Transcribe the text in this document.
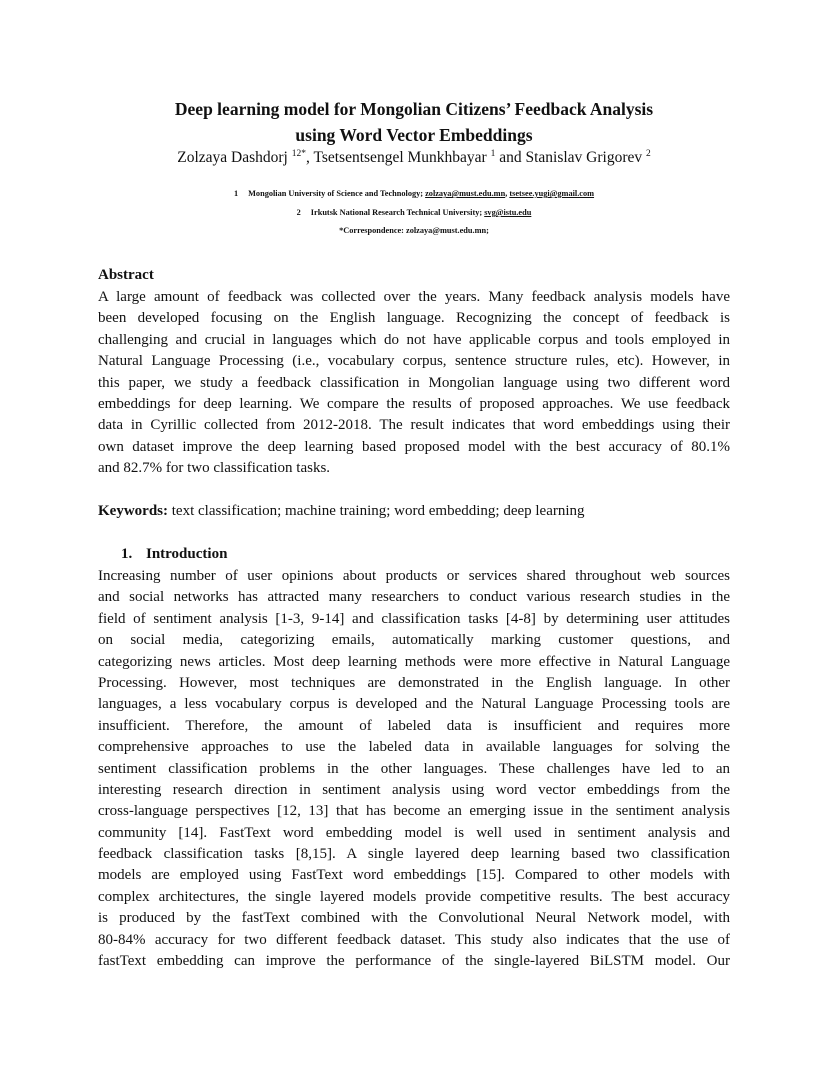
Deep learning model for Mongolian Citizens’ Feedback Analysis
using Word Vector Embeddings
Zolzaya Dashdorj $^{12*}$, Tsetsentsengel Munkhbayar $^1$ and Stanislav Grigorev $^2$
1 Mongolian University of Science and Technology; zolzaya@must.edu.mn, tsetsee.yugi@gmail.com
2 Irkutsk National Research Technical University; svg@istu.edu
*Correspondence: zolzaya@must.edu.mn;
Abstract
A large amount of feedback was collected over the years. Many feedback analysis models have
been developed focusing on the English language. Recognizing the concept of feedback is
challenging and crucial in languages which do not have applicable corpus and tools employed in
Natural Language Processing (i.e., vocabulary corpus, sentence structure rules, etc). However, in
this paper, we study a feedback classification in Mongolian language using two different word
embeddings for deep learning. We compare the results of proposed approaches. We use feedback
data in Cyrillic collected from 2012-2018. The result indicates that word embeddings using their
own dataset improve the deep learning based proposed model with the best accuracy of 80.1%
and 82.7% for two classification tasks.
Keywords: text classification; machine training; word embedding; deep learning
1. Introduction
Increasing number of user opinions about products or services shared throughout web sources
and social networks has attracted many researchers to conduct various research studies in the
field of sentiment analysis [1-3, 9-14] and classification tasks [4-8] by determining user attitudes
on social media, categorizing emails, automatically marking customer questions, and
categorizing news articles. Most deep learning methods were more effective in Natural Language
Processing. However, most techniques are demonstrated in the English language. In other
languages, a less vocabulary corpus is developed and the Natural Language Processing tools are
insufficient. Therefore, the amount of labeled data is insufficient and requires more
comprehensive approaches to use the labeled data in available languages for solving the
sentiment classification problems in the other languages. These challenges have led to an
interesting research direction in sentiment analysis using word vector embeddings from the
cross-language perspectives [12, 13] that has become an emerging issue in the sentiment analysis
community [14]. FastText word embedding model is well used in sentiment analysis and
feedback classification tasks [8,15]. A single layered deep learning based two classification
models are employed using FastText word embeddings [15]. Compared to other models with
complex architectures, the single layered models provide competitive results. The best accuracy
is produced by the fastText combined with the Convolutional Neural Network model, with
80-84% accuracy for two different feedback dataset. This study also indicates that the use of
fastText embedding can improve the performance of the single-layered BiLSTM model. Our
